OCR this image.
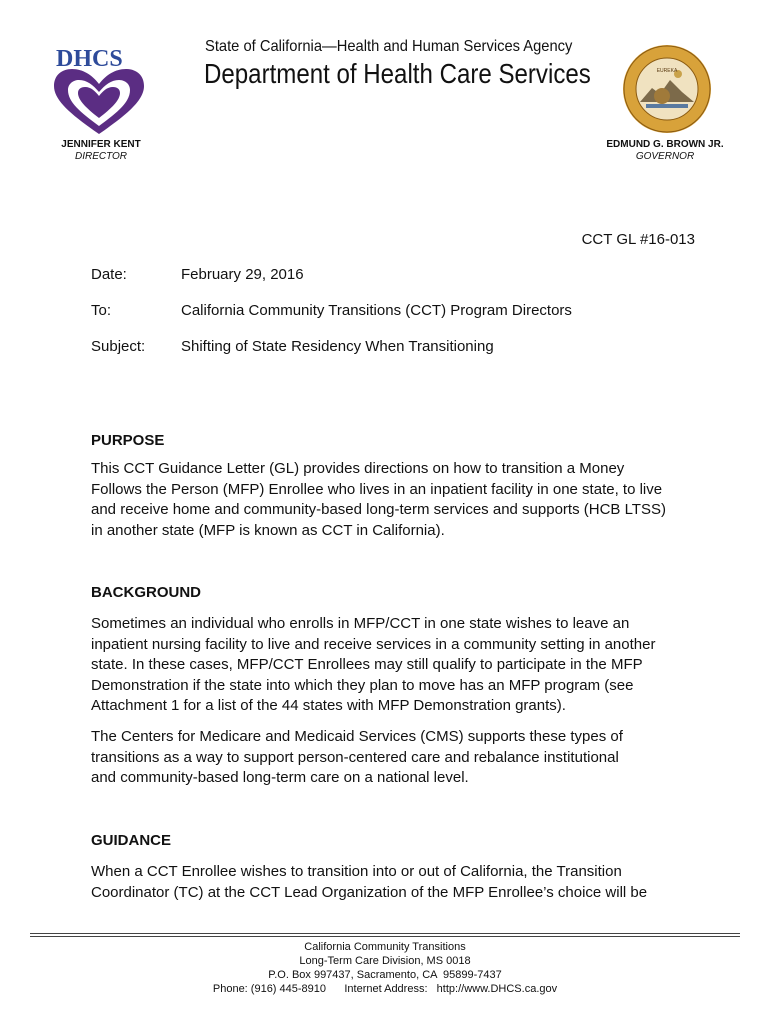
DHCS	State of California—Health and Human Services Agency
Department of Health Care Services	EUREKA
JENNIFER KENT
DIRECTOR
EDMUND G. BROWN JR.
GOVERNOR
CCT GL #16-013
Date:	February 29, 2016
To:	California Community Transitions (CCT) Program Directors
Subject: Shifting of State Residency When Transitioning
PURPOSE
This CCT Guidance Letter (GL) provides directions on how to transition a Money
Follows the Person (MFP) Enrollee who lives in an inpatient facility in one state, to live
and receive home and community-based long-term services and supports (HCB LTSS)
in another state (MFP is known as CCT in California).
BACKGROUND
Sometimes an individual who enrolls in MFP/CCT in one state wishes to leave an
inpatient nursing facility to live and receive services in a community setting in another
state. In these cases, MFP/CCT Enrollees may still qualify to participate in the MFP
Demonstration if the state into which they plan to move has an MFP program (see
Attachment 1 for a list of the 44 states with MFP Demonstration grants).
The Centers for Medicare and Medicaid Services (CMS) supports these types of
transitions as a way to support person-centered care and rebalance institutional
and community-based long-term care on a national level.
GUIDANCE
When a CCT Enrollee wishes to transition into or out of California, the Transition
Coordinator (TC) at the CCT Lead Organization of the MFP Enrollee’s choice will be
California Community Transitions
Long-Term Care Division, MS 0018
P.O. Box 997437, Sacramento, CA  95899-7437
Phone: (916) 445-8910      Internet Address:   http://www.DHCS.ca.gov
